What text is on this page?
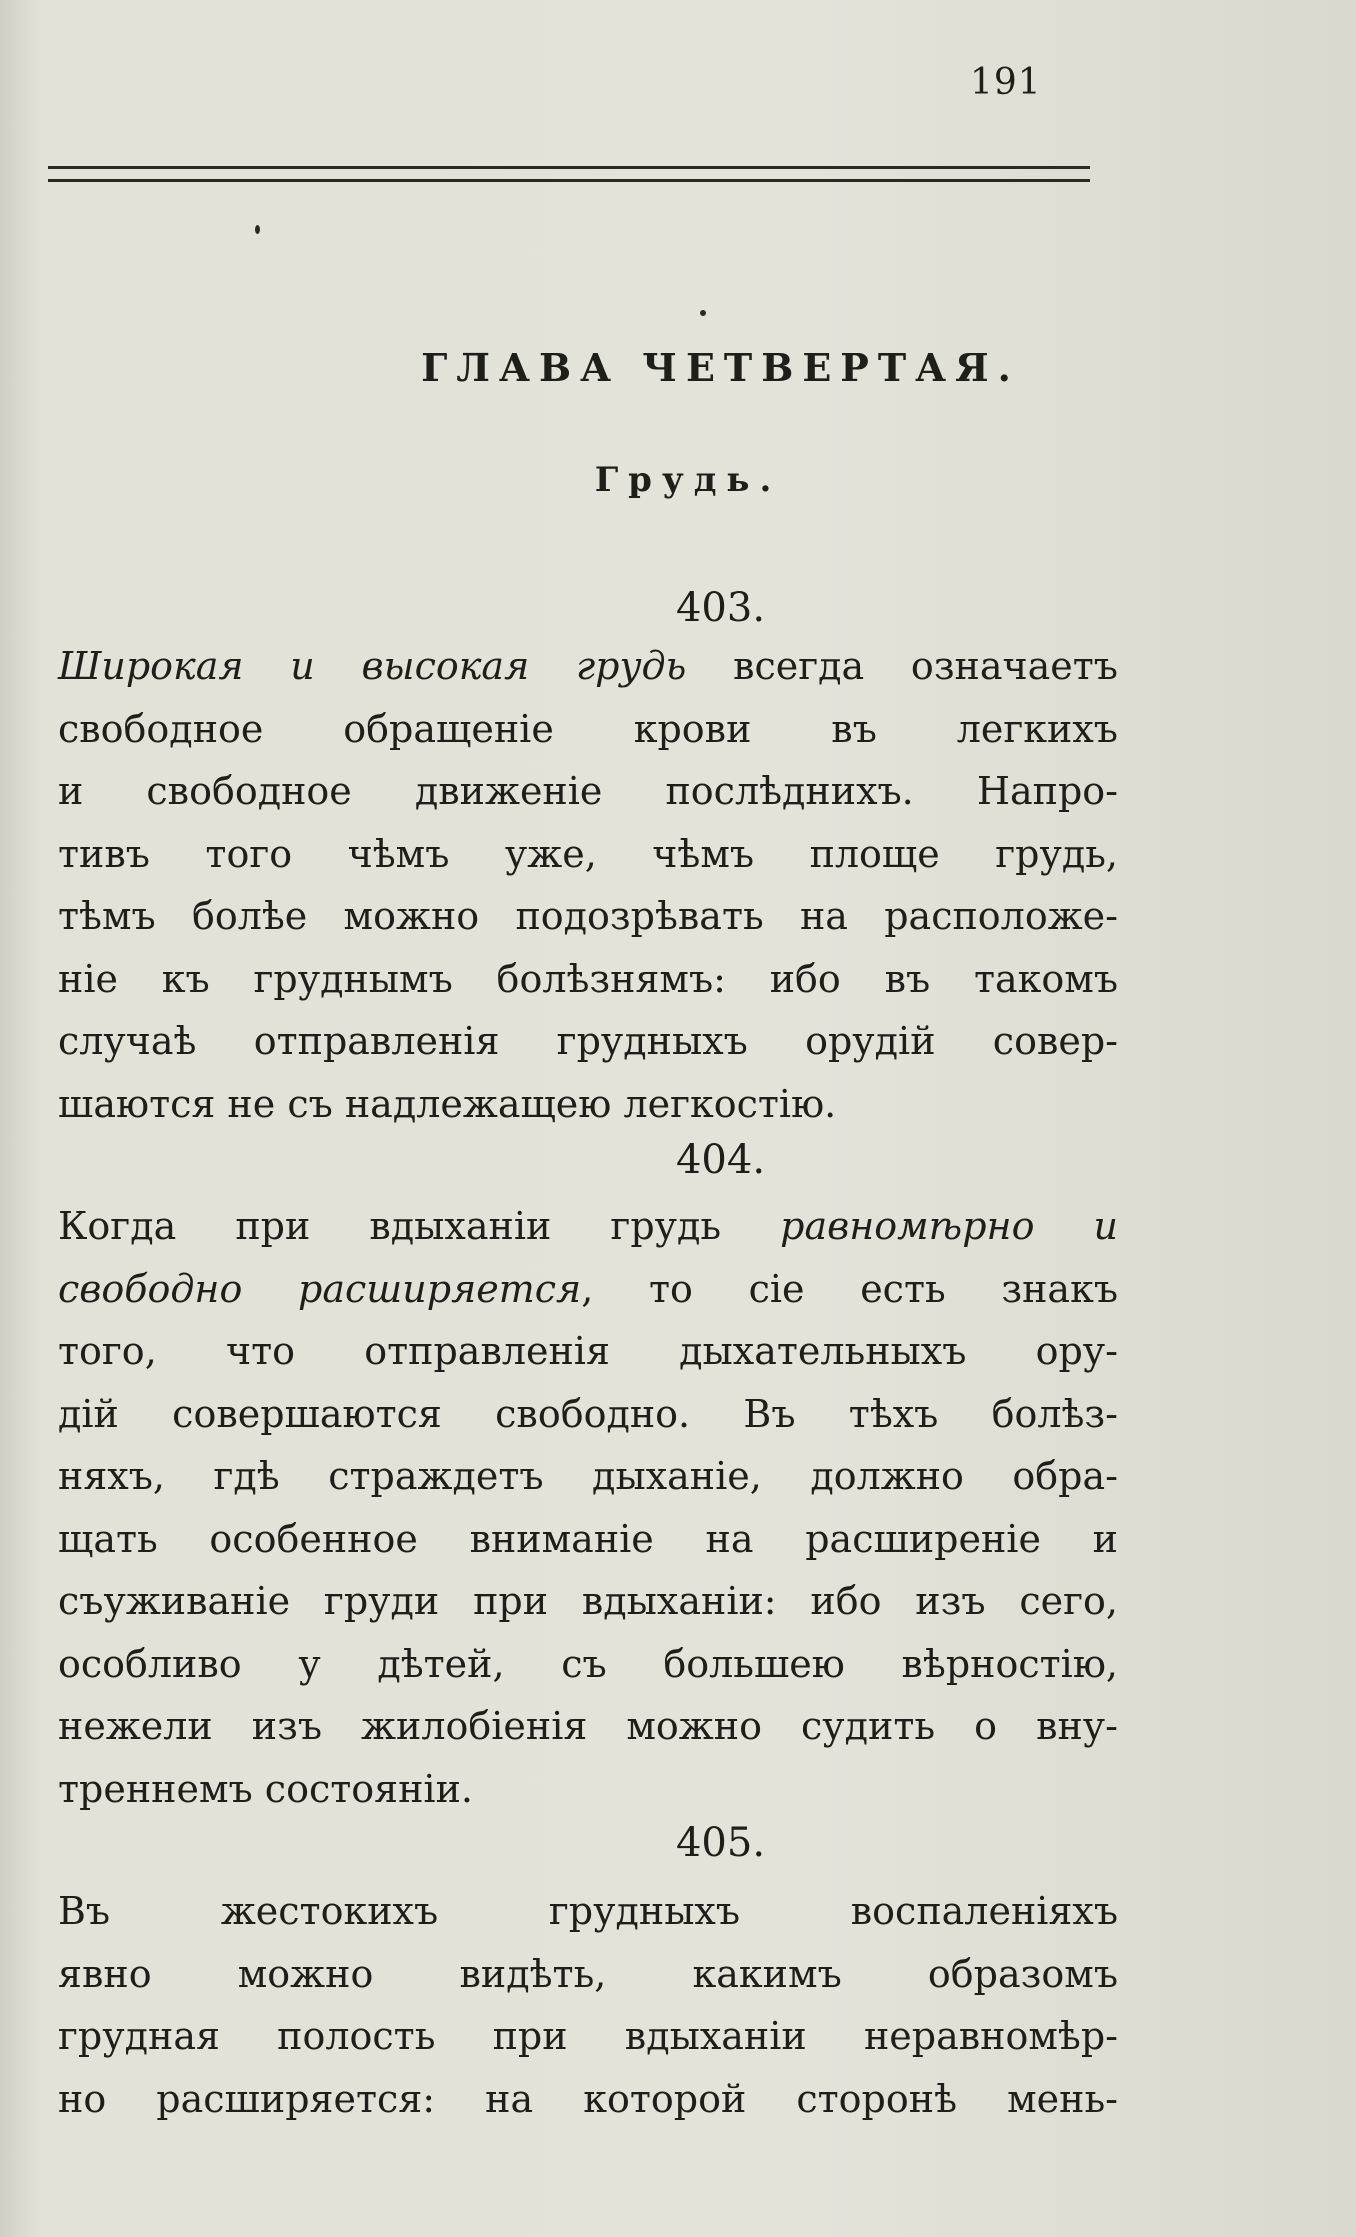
⁠ ⁠ ⁠ ⁠ ⁠ ⁠ ⁠ ⁠
191
ГЛАВА ЧЕТВЕРТАЯ.
Грудь.
403.
Широкая и высокая грудь всегда означаетъ
свободное обращеніе крови въ легкихъ
и свободное движеніе послѣднихъ. Напро-
тивъ того чѣмъ уже, чѣмъ площе грудь,
тѣмъ болѣе можно подозрѣвать на расположе-
ніе къ груднымъ болѣзнямъ: ибо въ такомъ
случаѣ отправленія грудныхъ орудій совер-
шаются не съ надлежащею легкостію.
404.
Когда при вдыханіи грудь равномѣрно и
свободно расширяется, то сіе есть знакъ
того, что отправленія дыхательныхъ ору-
дій совершаются свободно. Въ тѣхъ болѣз-
няхъ, гдѣ страждетъ дыханіе, должно обра-
щать особенное вниманіе на расширеніе и
съуживаніе груди при вдыханіи: ибо изъ сего,
особливо у дѣтей, съ большею вѣрностію,
нежели изъ жилобіенія можно судить о вну-
треннемъ состояніи.
405.
Въ жестокихъ грудныхъ воспаленіяхъ
явно можно видѣть, какимъ образомъ
грудная полость при вдыханіи неравномѣр-
но расширяется: на которой сторонѣ мень-
